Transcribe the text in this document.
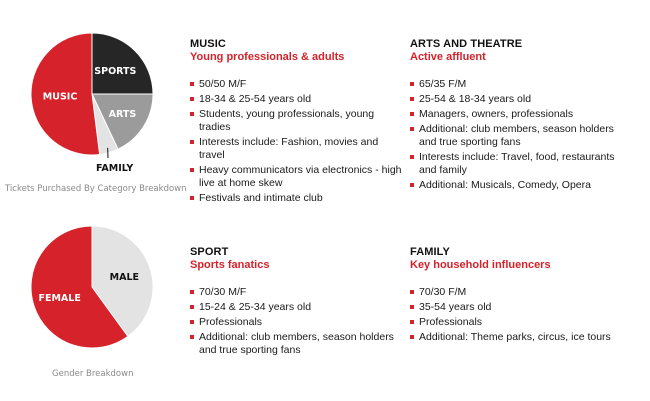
SPORTS
ARTS
FAMILY
MUSIC
Tickets Purchased By Category Breakdown
MALE
FEMALE
Gender Breakdown
MUSIC
Young professionals & adults
50/50 M/F
18-34 & 25-54 years old
Students, young professionals, young tradies
Interests include: Fashion, movies and travel
Heavy communicators via electronics - high live at home skew
Festivals and intimate club
ARTS AND THEATRE
Active affluent
65/35 F/M
25-54 & 18-34 years old
Managers, owners, professionals
Additional: club members, season holders and true sporting fans
Interests include: Travel, food, restaurants and family
Additional: Musicals, Comedy, Opera
SPORT
Sports fanatics
70/30 M/F
15-24 & 25-34 years old
Professionals
Additional: club members, season holders and true sporting fans
FAMILY
Key household influencers
70/30 F/M
35-54 years old
Professionals
Additional: Theme parks, circus, ice tours
